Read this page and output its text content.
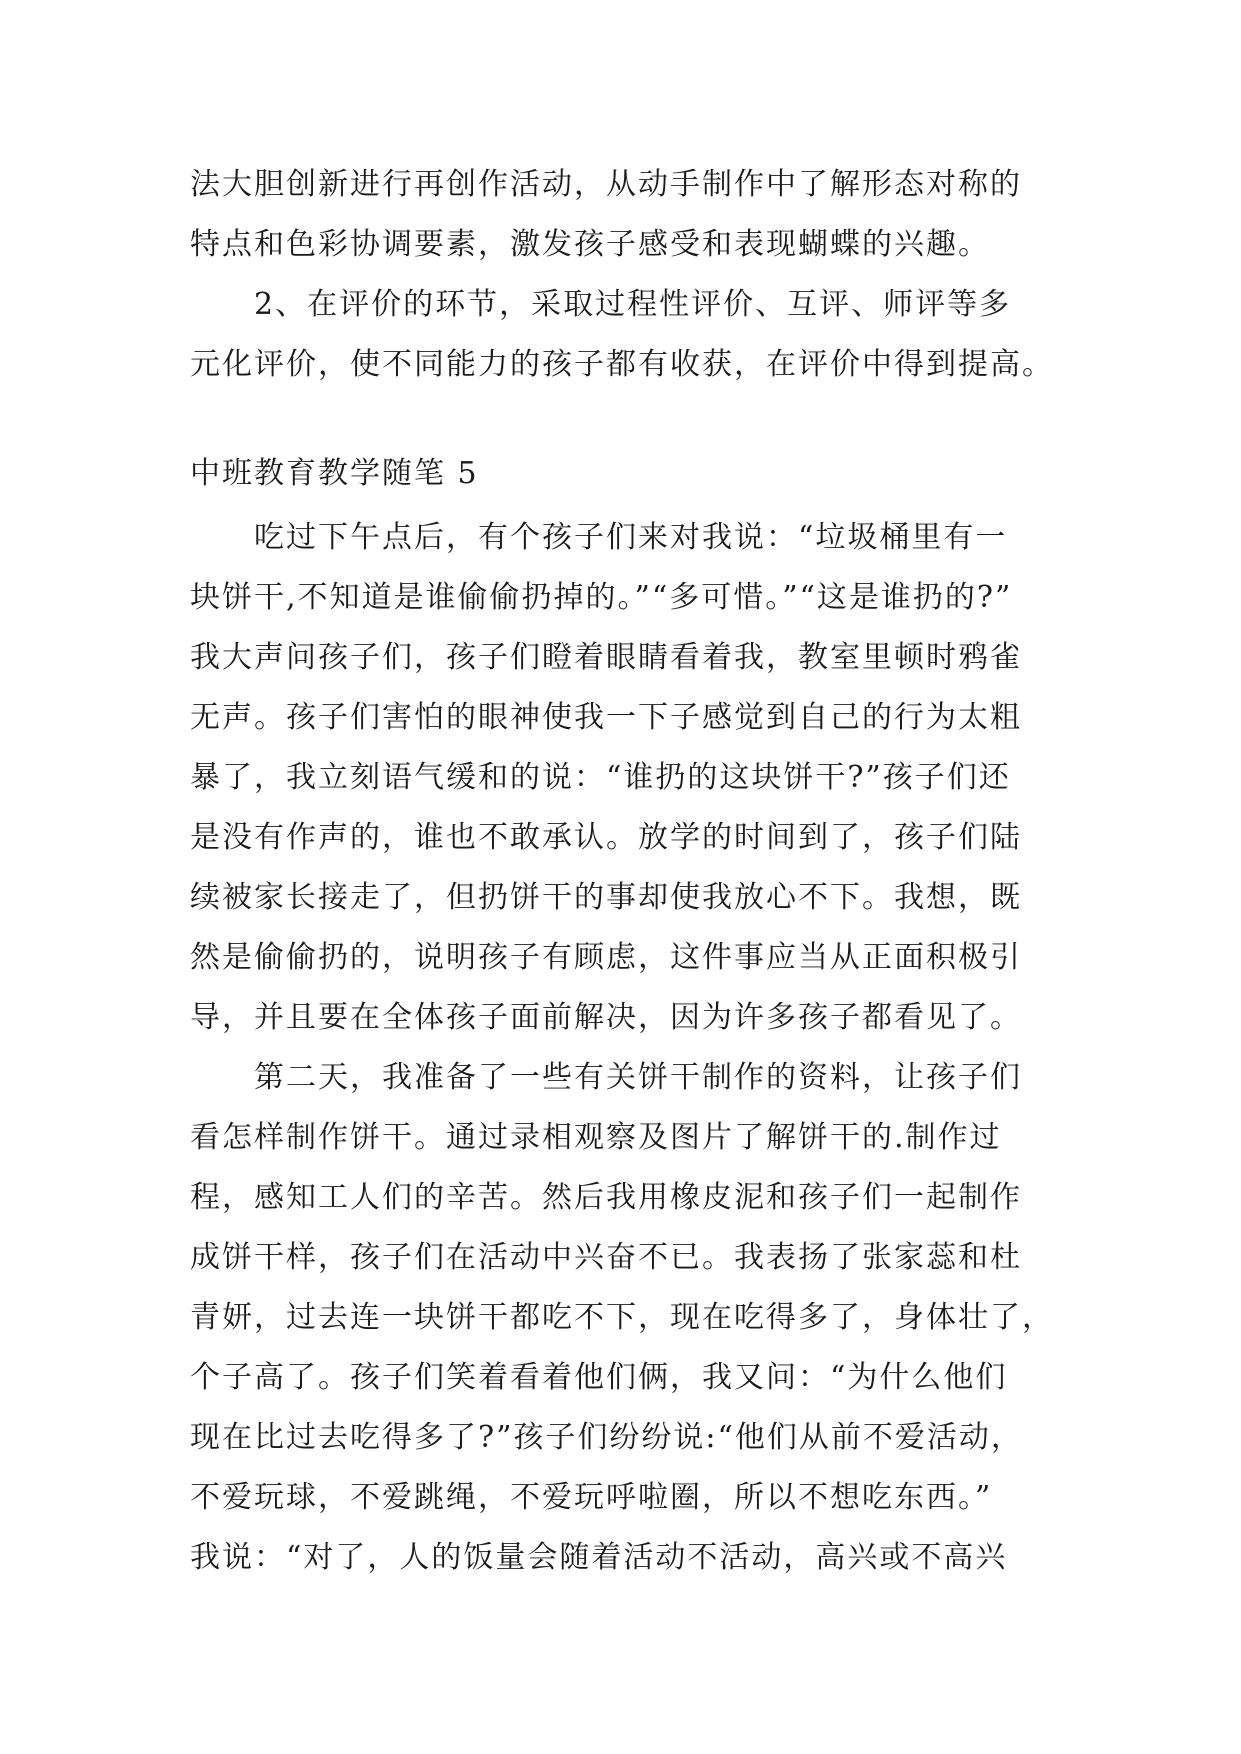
法大胆创新进行再创作活动，从动手制作中了解形态对称的
特点和色彩协调要素，激发孩子感受和表现蝴蝶的兴趣。
2、在评价的环节，采取过程性评价、互评、师评等多
元化评价，使不同能力的孩子都有收获，在评价中得到提高。
中班教育教学随笔 5
吃过下午点后，有个孩子们来对我说：“垃圾桶里有一
块饼干,不知道是谁偷偷扔掉的。”“多可惜。”“这是谁扔的?”
我大声问孩子们，孩子们瞪着眼睛看着我，教室里顿时鸦雀
无声。孩子们害怕的眼神使我一下子感觉到自己的行为太粗
暴了，我立刻语气缓和的说：“谁扔的这块饼干?”孩子们还
是没有作声的，谁也不敢承认。放学的时间到了，孩子们陆
续被家长接走了，但扔饼干的事却使我放心不下。我想，既
然是偷偷扔的，说明孩子有顾虑，这件事应当从正面积极引
导，并且要在全体孩子面前解决，因为许多孩子都看见了。
第二天，我准备了一些有关饼干制作的资料，让孩子们
看怎样制作饼干。通过录相观察及图片了解饼干的.制作过
程，感知工人们的辛苦。然后我用橡皮泥和孩子们一起制作
成饼干样，孩子们在活动中兴奋不已。我表扬了张家蕊和杜
青妍，过去连一块饼干都吃不下，现在吃得多了，身体壮了，
个子高了。孩子们笑着看着他们俩，我又问：“为什么他们
现在比过去吃得多了?”孩子们纷纷说:“他们从前不爱活动，
不爱玩球，不爱跳绳，不爱玩呼啦圈，所以不想吃东西。”
我说：“对了，人的饭量会随着活动不活动，高兴或不高兴
